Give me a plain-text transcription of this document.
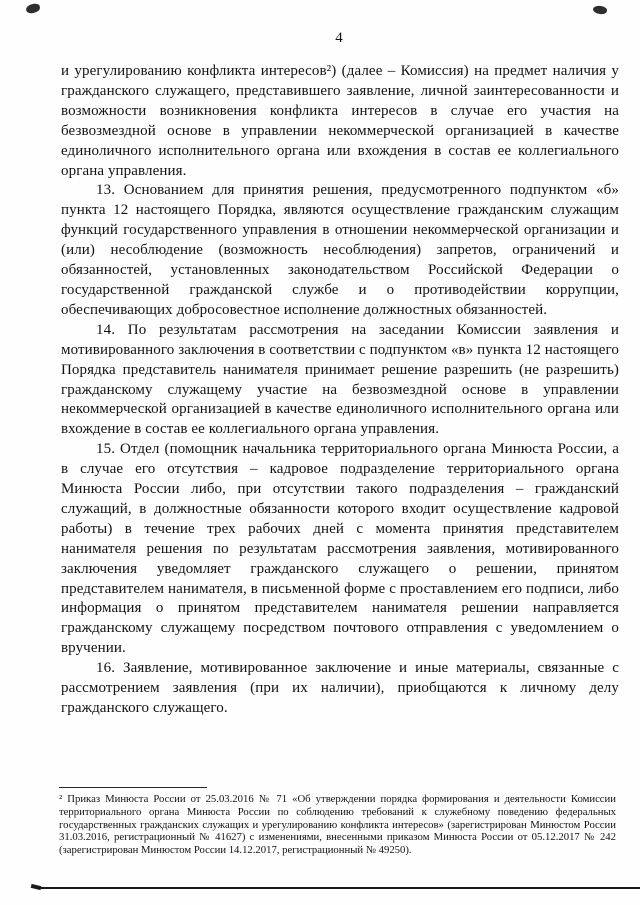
4

и урегулированию конфликта интересов²) (далее – Комиссия) на предмет наличия у гражданского служащего, представившего заявление, личной заинтересованности и возможности возникновения конфликта интересов в случае его участия на безвозмездной основе в управлении некоммерческой организацией в качестве единоличного исполнительного органа или вхождения в состав ее коллегиального органа управления.

13. Основанием для принятия решения, предусмотренного подпунктом «б» пункта 12 настоящего Порядка, являются осуществление гражданским служащим функций государственного управления в отношении некоммерческой организации и (или) несоблюдение (возможность несоблюдения) запретов, ограничений и обязанностей, установленных законодательством Российской Федерации о государственной гражданской службе и о противодействии коррупции, обеспечивающих добросовестное исполнение должностных обязанностей.

14. По результатам рассмотрения на заседании Комиссии заявления и мотивированного заключения в соответствии с подпунктом «в» пункта 12 настоящего Порядка представитель нанимателя принимает решение разрешить (не разрешить) гражданскому служащему участие на безвозмездной основе в управлении некоммерческой организацией в качестве единоличного исполнительного органа или вхождение в состав ее коллегиального органа управления.

15. Отдел (помощник начальника территориального органа Минюста России, а в случае его отсутствия – кадровое подразделение территориального органа Минюста России либо, при отсутствии такого подразделения – гражданский служащий, в должностные обязанности которого входит осуществление кадровой работы) в течение трех рабочих дней с момента принятия представителем нанимателя решения по результатам рассмотрения заявления, мотивированного заключения уведомляет гражданского служащего о решении, принятом представителем нанимателя, в письменной форме с проставлением его подписи, либо информация о принятом представителем нанимателя решении направляется гражданскому служащему посредством почтового отправления с уведомлением о вручении.

16. Заявление, мотивированное заключение и иные материалы, связанные с рассмотрением заявления (при их наличии), приобщаются к личному делу гражданского служащего.

² Приказ Минюста России от 25.03.2016 № 71 «Об утверждении порядка формирования и деятельности Комиссии территориального органа Минюста России по соблюдению требований к служебному поведению федеральных государственных гражданских служащих и урегулированию конфликта интересов» (зарегистрирован Минюстом России 31.03.2016, регистрационный № 41627) с изменениями, внесенными приказом Минюста России от 05.12.2017 № 242 (зарегистрирован Минюстом России 14.12.2017, регистрационный № 49250).
